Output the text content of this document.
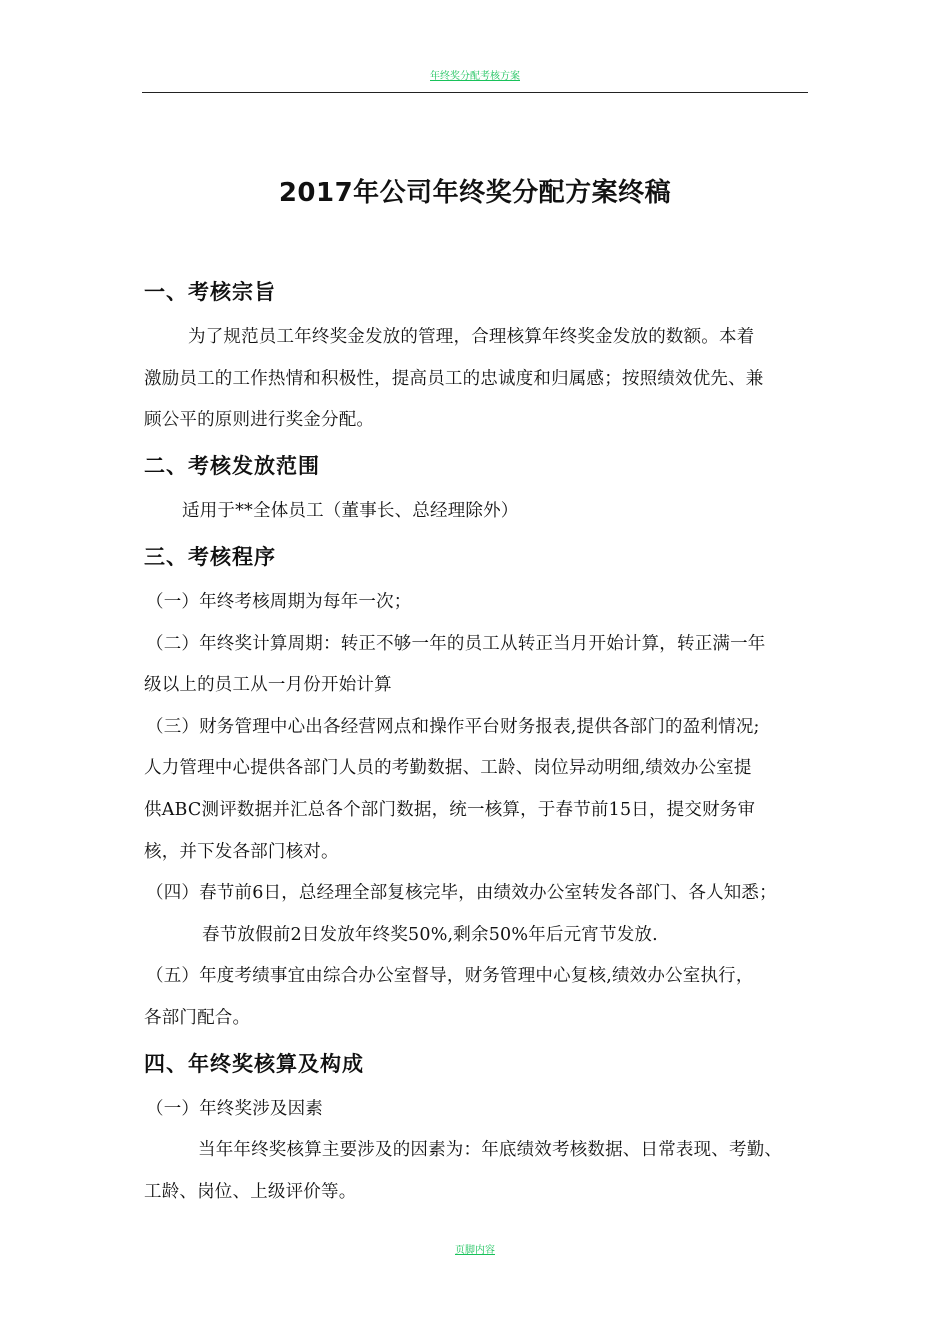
年终奖分配考核方案
2017年公司年终奖分配方案终稿
一、考核宗旨
为了规范员工年终奖金发放的管理，合理核算年终奖金发放的数额。本着
激励员工的工作热情和积极性，提高员工的忠诚度和归属感；按照绩效优先、兼
顾公平的原则进行奖金分配。
二、考核发放范围
适用于**全体员工（董事长、总经理除外）
三、考核程序
（一）年终考核周期为每年一次；
（二）年终奖计算周期：转正不够一年的员工从转正当月开始计算，转正满一年
级以上的员工从一月份开始计算
（三）财务管理中心出各经营网点和操作平台财务报表,提供各部门的盈利情况;
人力管理中心提供各部门人员的考勤数据、工龄、岗位异动明细,绩效办公室提
供ABC测评数据并汇总各个部门数据，统一核算，于春节前15日，提交财务审
核，并下发各部门核对。
（四）春节前6日，总经理全部复核完毕，由绩效办公室转发各部门、各人知悉；
春节放假前2日发放年终奖50%,剩余50%年后元宵节发放.
（五）年度考绩事宜由综合办公室督导，财务管理中心复核,绩效办公室执行，
各部门配合。
四、年终奖核算及构成
（一）年终奖涉及因素
当年年终奖核算主要涉及的因素为：年底绩效考核数据、日常表现、考勤、
工龄、岗位、上级评价等。
页脚内容
